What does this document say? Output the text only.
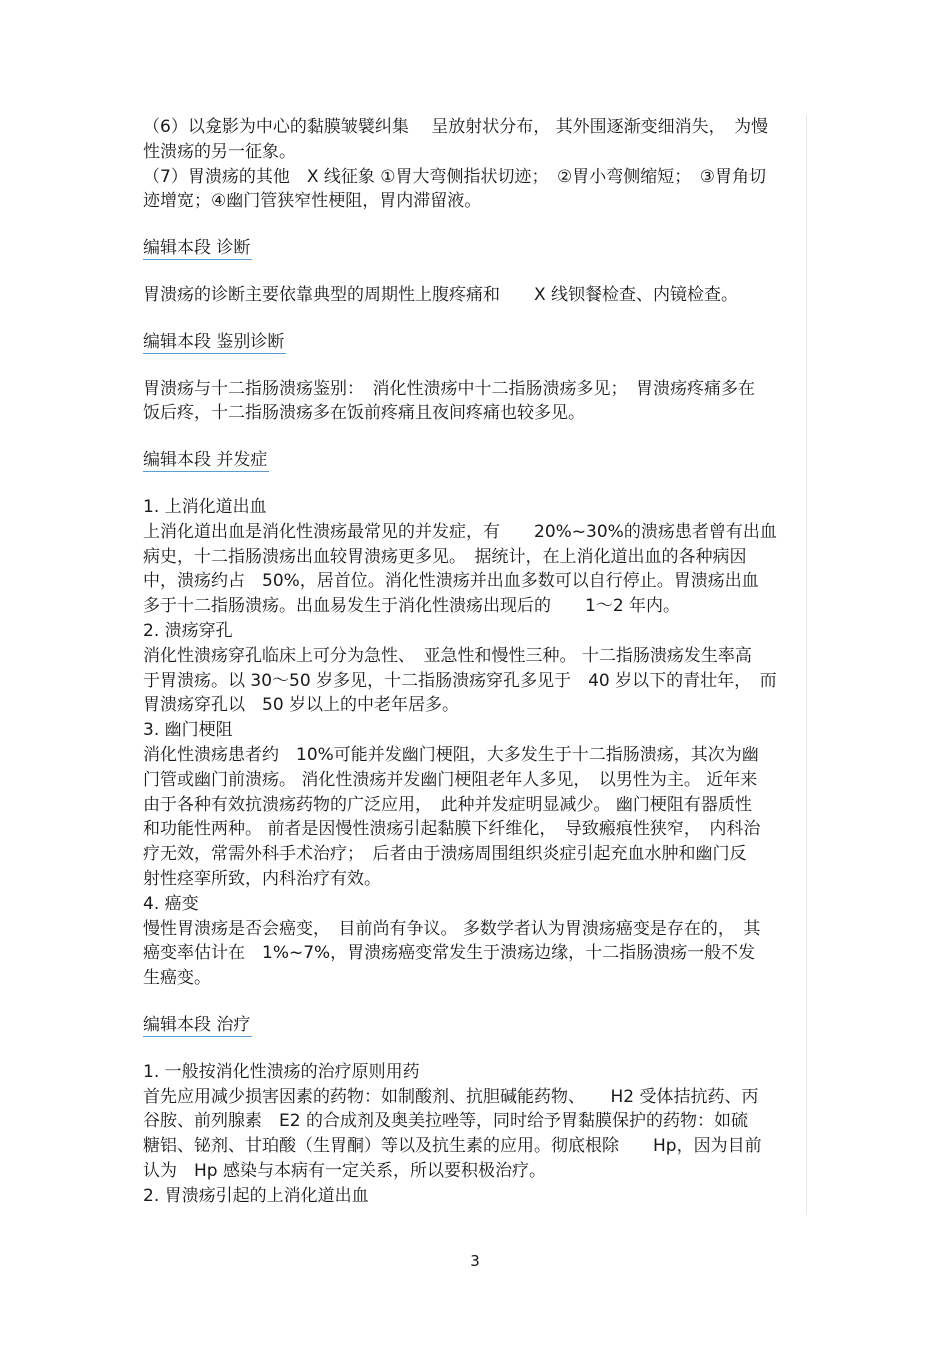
（6）以龛影为中心的黏膜皱襞纠集　 呈放射状分布， 其外围逐渐变细消失，　为慢
性溃疡的另一征象。
（7）胃溃疡的其他　X 线征象 ①胃大弯侧指状切迹；　②胃小弯侧缩短；　③胃角切
迹增宽；④幽门管狭窄性梗阻，胃内滞留液。
编辑本段 诊断
胃溃疡的诊断主要依靠典型的周期性上腹疼痛和　　X 线钡餐检查、内镜检查。
编辑本段 鉴别诊断
胃溃疡与十二指肠溃疡鉴别：　消化性溃疡中十二指肠溃疡多见；　胃溃疡疼痛多在
饭后疼，十二指肠溃疡多在饭前疼痛且夜间疼痛也较多见。
编辑本段 并发症
1. 上消化道出血
上消化道出血是消化性溃疡最常见的并发症，有　　20%~30%的溃疡患者曾有出血
病史，十二指肠溃疡出血较胃溃疡更多见。　据统计，在上消化道出血的各种病因
中，溃疡约占　50%，居首位。消化性溃疡并出血多数可以自行停止。胃溃疡出血
多于十二指肠溃疡。出血易发生于消化性溃疡出现后的　　1～2 年内。
2. 溃疡穿孔
消化性溃疡穿孔临床上可分为急性、　亚急性和慢性三种。 十二指肠溃疡发生率高
于胃溃疡。以 30～50 岁多见，十二指肠溃疡穿孔多见于　40 岁以下的青壮年，　而
胃溃疡穿孔以　50 岁以上的中老年居多。
3. 幽门梗阻
消化性溃疡患者约　10%可能并发幽门梗阻，大多发生于十二指肠溃疡，其次为幽
门管或幽门前溃疡。 消化性溃疡并发幽门梗阻老年人多见，　以男性为主。 近年来
由于各种有效抗溃疡药物的广泛应用，　此种并发症明显减少。 幽门梗阻有器质性
和功能性两种。 前者是因慢性溃疡引起黏膜下纤维化，　导致瘢痕性狭窄，　内科治
疗无效，常需外科手术治疗；　后者由于溃疡周围组织炎症引起充血水肿和幽门反
射性痉挛所致，内科治疗有效。
4. 癌变
慢性胃溃疡是否会癌变，　目前尚有争议。 多数学者认为胃溃疡癌变是存在的，　其
癌变率估计在　1%~7%，胃溃疡癌变常发生于溃疡边缘，十二指肠溃疡一般不发
生癌变。
编辑本段 治疗
1. 一般按消化性溃疡的治疗原则用药
首先应用减少损害因素的药物：如制酸剂、抗胆碱能药物、　　H2 受体拮抗药、丙
谷胺、前列腺素　E2 的合成剂及奥美拉唑等，同时给予胃黏膜保护的药物：如硫
糖铝、铋剂、甘珀酸（生胃酮）等以及抗生素的应用。彻底根除　　Hp，因为目前
认为　Hp 感染与本病有一定关系，所以要积极治疗。
2. 胃溃疡引起的上消化道出血
3
